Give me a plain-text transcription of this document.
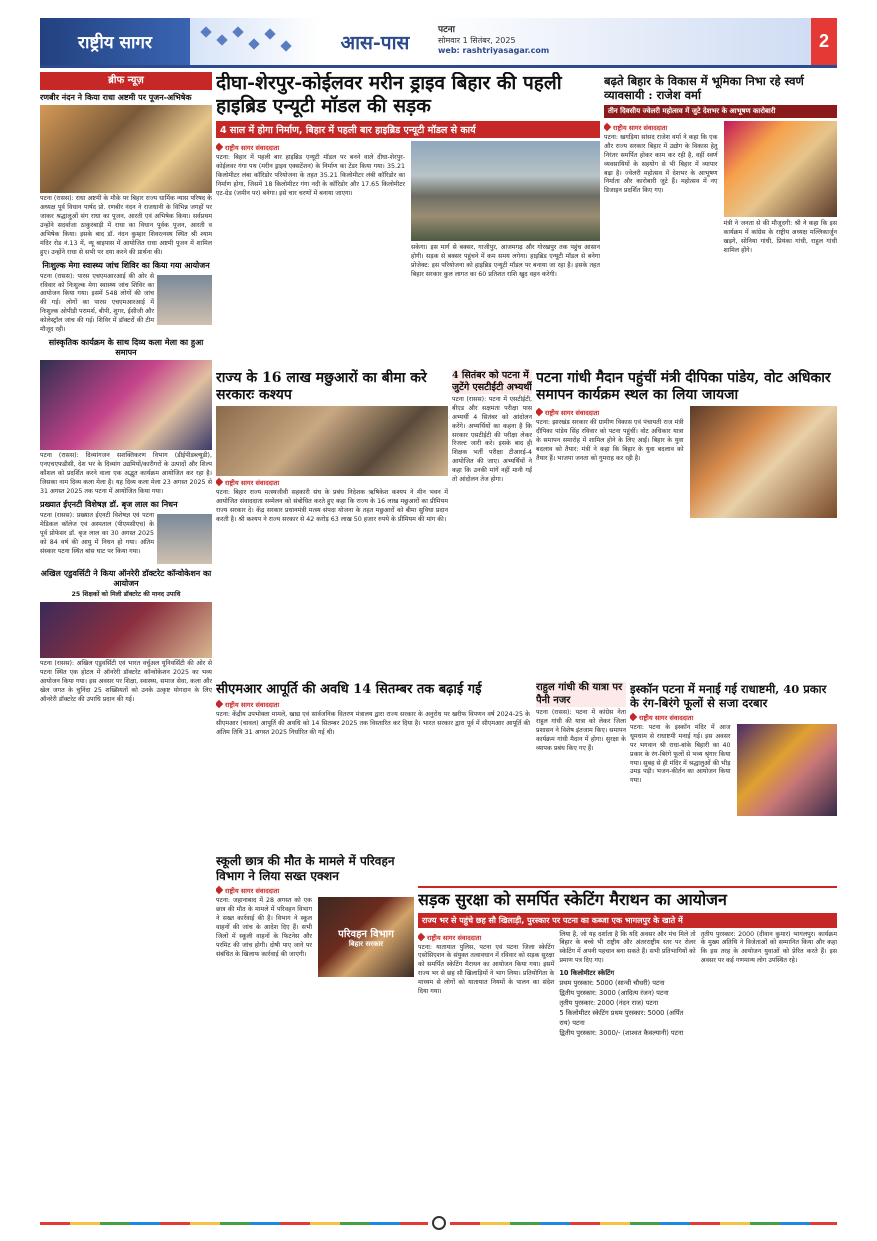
राष्ट्रीय सागर	आस-पास
पटना
सोमवार 1 सितंबर, 2025
web: rashtriyasagar.com	2
ब्रीफ न्यूज़
रणबीर नंदन ने किया राधा अष्टमी पर पूजन-अभिषेक
पटना (रासस): राधा अष्टमी के मौके पर बिहार राज्य धार्मिक न्यास परिषद के अध्यक्ष पूर्व विधान पार्षद प्रो. रणबीर नंदन ने राजधानी के विभिन्न जगहों पर जाकर श्रद्धालुओं संग राधा का पूजन, आरती एवं अभिषेक किया। सर्वप्रथम उन्होंने सदर्वाजा ठाकुरबाड़ी में राधा का विधान पूर्वक पूजन, आरती व अभिषेक किया। इसके बाद डॉ. नंदन कुम्हार शिवरत्नस्थ स्थित श्री श्याम मंदिर रोड नं.13 में, न्यू बाइपास में आयोजित राधा अष्टमी पूजन में शामिल हुए। उन्होंने राधा से सभी पर दया करने की प्रार्थना की।
निःशुल्क मेगा स्वास्थ्य जांच शिविर का किया गया आयोजन
पटना (रासस): पारस एचएमआरआई की ओर से रविवार को निःशुल्क मेगा स्वास्थ्य जांच शिविर का आयोजन किया गया। इसमें 548 लोगों की जांच की गई। लोगों का पारस एचएमआरआई में निःशुल्क ओपीडी परामर्श, बीपी, शुगर, ईसीजी और कोलेस्ट्रॉल जांच की गई। शिविर में डॉक्टरों की टीम मौजूद रही।
सांस्कृतिक कार्यक्रम के साथ दिव्य कला मेला का हुआ समापन
पटना (रासस): दिव्यांगजन सशक्तिकरण विभाग (डीईपीडब्ल्यूडी), एनएचएफडीसी, देश भर के दिव्यांग उद्यमियों/कारीगरों के उत्पादों और शिल्प कौशल को प्रदर्शित करने वाला एक अद्भुत कार्यक्रम आयोजित कर रहा है। जिसका नाम दिव्य कला मेला है। यह दिव्य कला मेला 23 अगस्त 2025 से 31 अगस्त 2025 तक पटना में आयोजित किया गया।
प्रख्यात ईएनटी विशेषज्ञ डॉ. बृज लाल का निधन
पटना (रासस): प्रख्यात ईएनटी विशेषज्ञ एवं पटना मेडिकल कॉलेज एवं अस्पताल (पीएमसीएच) के पूर्व प्रोफेसर डॉ. बृज लाल का 30 अगस्त 2025 को 84 वर्ष की आयु में निधन हो गया। अंतिम संस्कार पटना स्थित बांस घाट पर किया गया।
अखिल एडुवर्सिटी ने किया ऑनरेरी डॉक्टरेट कॉन्वोकेशन का आयोजन
25 शिक्षकों को मिली डॉक्टरेट की मानद उपाधि
पटना (रासस): अखिल एडुवर्सिटी एवं भारत वर्चुअल यूनिवर्सिटी की ओर से पटना स्थित एक होटल में ऑनरेरी डॉक्टरेट कॉन्वोकेशन 2025 का भव्य आयोजन किया गया। इस अवसर पर शिक्षा, स्वास्थ्य, समाज सेवा, कला और खेल जगत के चुनिंदा 25 शख्सियतों को उनके उत्कृष्ट योगदान के लिए ऑनरेरी डॉक्टरेट की उपाधि प्रदान की गई।
दीघा-शेरपुर-कोईलवर मरीन ड्राइव बिहार की पहली हाइब्रिड एन्यूटी मॉडल की सड़क
4 साल में होगा निर्माण, बिहार में पहली बार हाइब्रिड एन्यूटी मॉडल से कार्य
राष्ट्रीय सागर संवाददाता
पटना: बिहार में पहली बार हाइब्रिड एन्यूटी मॉडल पर बनने वाले दीघा-शेरपुर-कोईलवर गंगा पथ (मरीन ड्राइव एक्सटेंशन) के निर्माण का टेंडर किया गया। 35.21 किलोमीटर लंबा कॉरिडोर परियोजना के तहत 35.21 किलोमीटर लंबी कॉरिडोर का निर्माण होगा, जिसमें 18 किलोमीटर गंगा नदी के कॉरिडोर और 17.65 किलोमीटर एट-ग्रेड (जमीन पर) बनेगा। इसे चार चरणों में बनाया जाएगा।
सकेगा। इस मार्ग से बक्सर, गाजीपुर, आजमगढ़ और गोरखपुर तक पहुंच आसान होगी। सड़क से बक्सर पहुंचने में कम समय लगेगा। हाइब्रिड एन्यूटी मॉडल से बनेगा प्रोजेक्ट: इस परियोजना को हाइब्रिड एन्यूटी मॉडल पर बनाया जा रहा है। इसके तहत बिहार सरकार कुल लागत का 60 प्रतिशत राशि खुद वहन करेगी।
बढ़ते बिहार के विकास में भूमिका निभा रहे स्वर्ण व्यावसायी : राजेश वर्मा
तीन दिवसीय ज्वेलरी महोत्सव में जुटे देशभर के आभूषण कारोबारी
राष्ट्रीय सागर संवाददाता
पटना: खगड़िया सांसद राजेश वर्मा ने कहा कि एक और राज्य सरकार बिहार में उद्योग के विकास हेतु निरंतर समर्पित होकर काम कर रही है, वहीं स्वर्ण व्यवसायियों के सहयोग से भी बिहार में व्यापार बढ़ा है। ज्वेलरी महोत्सव में देशभर के आभूषण निर्माता और कारोबारी जुटे हैं। महोत्सव में नए डिजाइन प्रदर्शित किए गए।
मंत्री ने जनता से की मौजूदगी: श्री ने कहा कि इस कार्यक्रम में कांग्रेस के राष्ट्रीय अध्यक्ष मल्लिकार्जुन खड़गे, सोनिया गांधी, प्रियंका गांधी, राहुल गांधी शामिल होंगे।
राज्य के 16 लाख मछुआरों का बीमा करे सरकारः कश्यप
राष्ट्रीय सागर संवाददाता
पटना: बिहार राज्य मत्स्यजीवी सहकारी संघ के प्रबंध निदेशक ऋषिकेश कश्यप ने मीन भवन में आयोजित संवाददाता सम्मेलन को संबोधित करते हुए कहा कि राज्य के 16 लाख मछुआरों का प्रीमियम राज्य सरकार दे। केंद्र सरकार प्रधानमंत्री मत्स्य संपदा योजना के तहत मछुआरों को बीमा सुविधा प्रदान करती है। श्री कश्यप ने राज्य सरकार से 42 करोड़ 63 लाख 50 हजार रुपये के प्रीमियम की मांग की।
4 सितंबर को पटना में जुटेंगे एसटीईटी अभ्यर्थी
पटना (रासस): पटना में एसटीईटी, बीएड और सक्षमता परीक्षा पास अभ्यर्थी 4 सितंबर को आंदोलन करेंगे। अभ्यर्थियों का कहना है कि सरकार एसटीईटी की परीक्षा लेकर रिजल्ट जारी करे। इसके बाद ही शिक्षक भर्ती परीक्षा टीआरई-4 आयोजित की जाए। अभ्यर्थियों ने कहा कि उनकी मांगें नहीं मानी गईं तो आंदोलन तेज होगा।
पटना गांधी मैदान पहुंचीं मंत्री दीपिका पांडेय, वोट अधिकार समापन कार्यक्रम स्थल का लिया जायजा
राष्ट्रीय सागर संवाददाता
पटना: झारखंड सरकार की ग्रामीण विकास एवं पंचायती राज मंत्री दीपिका पांडेय सिंह रविवार को पटना पहुंचीं। वोट अधिकार यात्रा के समापन समारोह में शामिल होने के लिए आईं। बिहार के युवा बदलाव को तैयार: मंत्री ने कहा कि बिहार के युवा बदलाव को तैयार हैं। भाजपा जनता को गुमराह कर रही है।
सीएमआर आपूर्ति की अवधि 14 सितम्बर तक बढ़ाई गई
राष्ट्रीय सागर संवाददाता
पटना: केंद्रीय उपभोक्ता मामले, खाद्य एवं सार्वजनिक वितरण मंत्रालय द्वारा राज्य सरकार के अनुरोध पर खरीफ विपणन वर्ष 2024-25 के सीएमआर (चावल) आपूर्ति की अवधि को 14 सितम्बर 2025 तक विस्तारित कर दिया है। भारत सरकार द्वारा पूर्व में सीएमआर आपूर्ति की अंतिम तिथि 31 अगस्त 2025 निर्धारित की गई थी।
राहुल गांधी की यात्रा पर पैनी नजर
पटना (रासस): पटना में कांग्रेस नेता राहुल गांधी की यात्रा को लेकर जिला प्रशासन ने विशेष इंतजाम किए। समापन कार्यक्रम गांधी मैदान में होगा। सुरक्षा के व्यापक प्रबंध किए गए हैं।
इस्कॉन पटना में मनाई गई राधाष्टमी, 40 प्रकार के रंग-बिरंगे फूलों से सजा दरबार
राष्ट्रीय सागर संवाददाता
पटना: पटना के इस्कॉन मंदिर में आज धूमधाम से राधाष्टमी मनाई गई। इस अवसर पर भगवान श्री राधा-बांके बिहारी का 40 प्रकार के रंग-बिरंगे फूलों से भव्य श्रृंगार किया गया। सुबह से ही मंदिर में श्रद्धालुओं की भीड़ उमड़ पड़ी। भजन-कीर्तन का आयोजन किया गया।
स्कूली छात्र की मौत के मामले में परिवहन विभाग ने लिया सख्त एक्शन
राष्ट्रीय सागर संवाददाता
पटना: जहानाबाद में 28 अगस्त को एक छात्र की मौत के मामले में परिवहन विभाग ने सख्त कार्रवाई की है। विभाग ने स्कूल वाहनों की जांच के आदेश दिए हैं। सभी जिलों में स्कूली वाहनों के फिटनेस और परमिट की जांच होगी। दोषी पाए जाने पर संबंधित के खिलाफ कार्रवाई की जाएगी।
परिवहन विभाग
बिहार सरकार
सड़क सुरक्षा को समर्पित स्केटिंग मैराथन का आयोजन
राज्य भर से पहुंचे छह सौ खिलाड़ी, पुरस्कार पर पटना का कब्जा एक भागलपुर के खाते में
राष्ट्रीय सागर संवाददाता
पटना: यातायात पुलिस, पटना एवं पटना जिला स्केटिंग एसोसिएशन के संयुक्त तत्वावधान में रविवार को सड़क सुरक्षा को समर्पित स्केटिंग मैराथन का आयोजन किया गया। इसमें राज्य भर से छह सौ खिलाड़ियों ने भाग लिया। प्रतियोगिता के माध्यम से लोगों को यातायात नियमों के पालन का संदेश दिया गया।
लिया है, जो यह दर्शाता है कि यदि अवसर और मंच मिले तो बिहार के बच्चे भी राष्ट्रीय और अंतरराष्ट्रीय स्तर पर रोलर स्केटिंग में अपनी पहचान बना सकते हैं। सभी प्रतिभागियों को प्रमाण पत्र दिए गए।
10 किलोमीटर स्केटिंग
प्रथम पुरस्कार: 5000 (सान्वी चौधरी) पटना
द्वितीय पुरस्कार: 3000 (आदित्य रंजन) पटना
तृतीय पुरस्कार: 2000 (नंदन राज) पटना
5 किलोमीटर स्केटिंग प्रथम पुरस्कार: 5000 (अर्पित राय) पटना
द्वितीय पुरस्कार: 3000/- (शाश्वत कैवल्यानी) पटना
तृतीय पुरस्कार: 2000 (दीवान कुमार) भागलपुर। कार्यक्रम के मुख्य अतिथि ने विजेताओं को सम्मानित किया और कहा कि इस तरह के आयोजन युवाओं को प्रेरित करते हैं। इस अवसर पर कई गणमान्य लोग उपस्थित रहे।
